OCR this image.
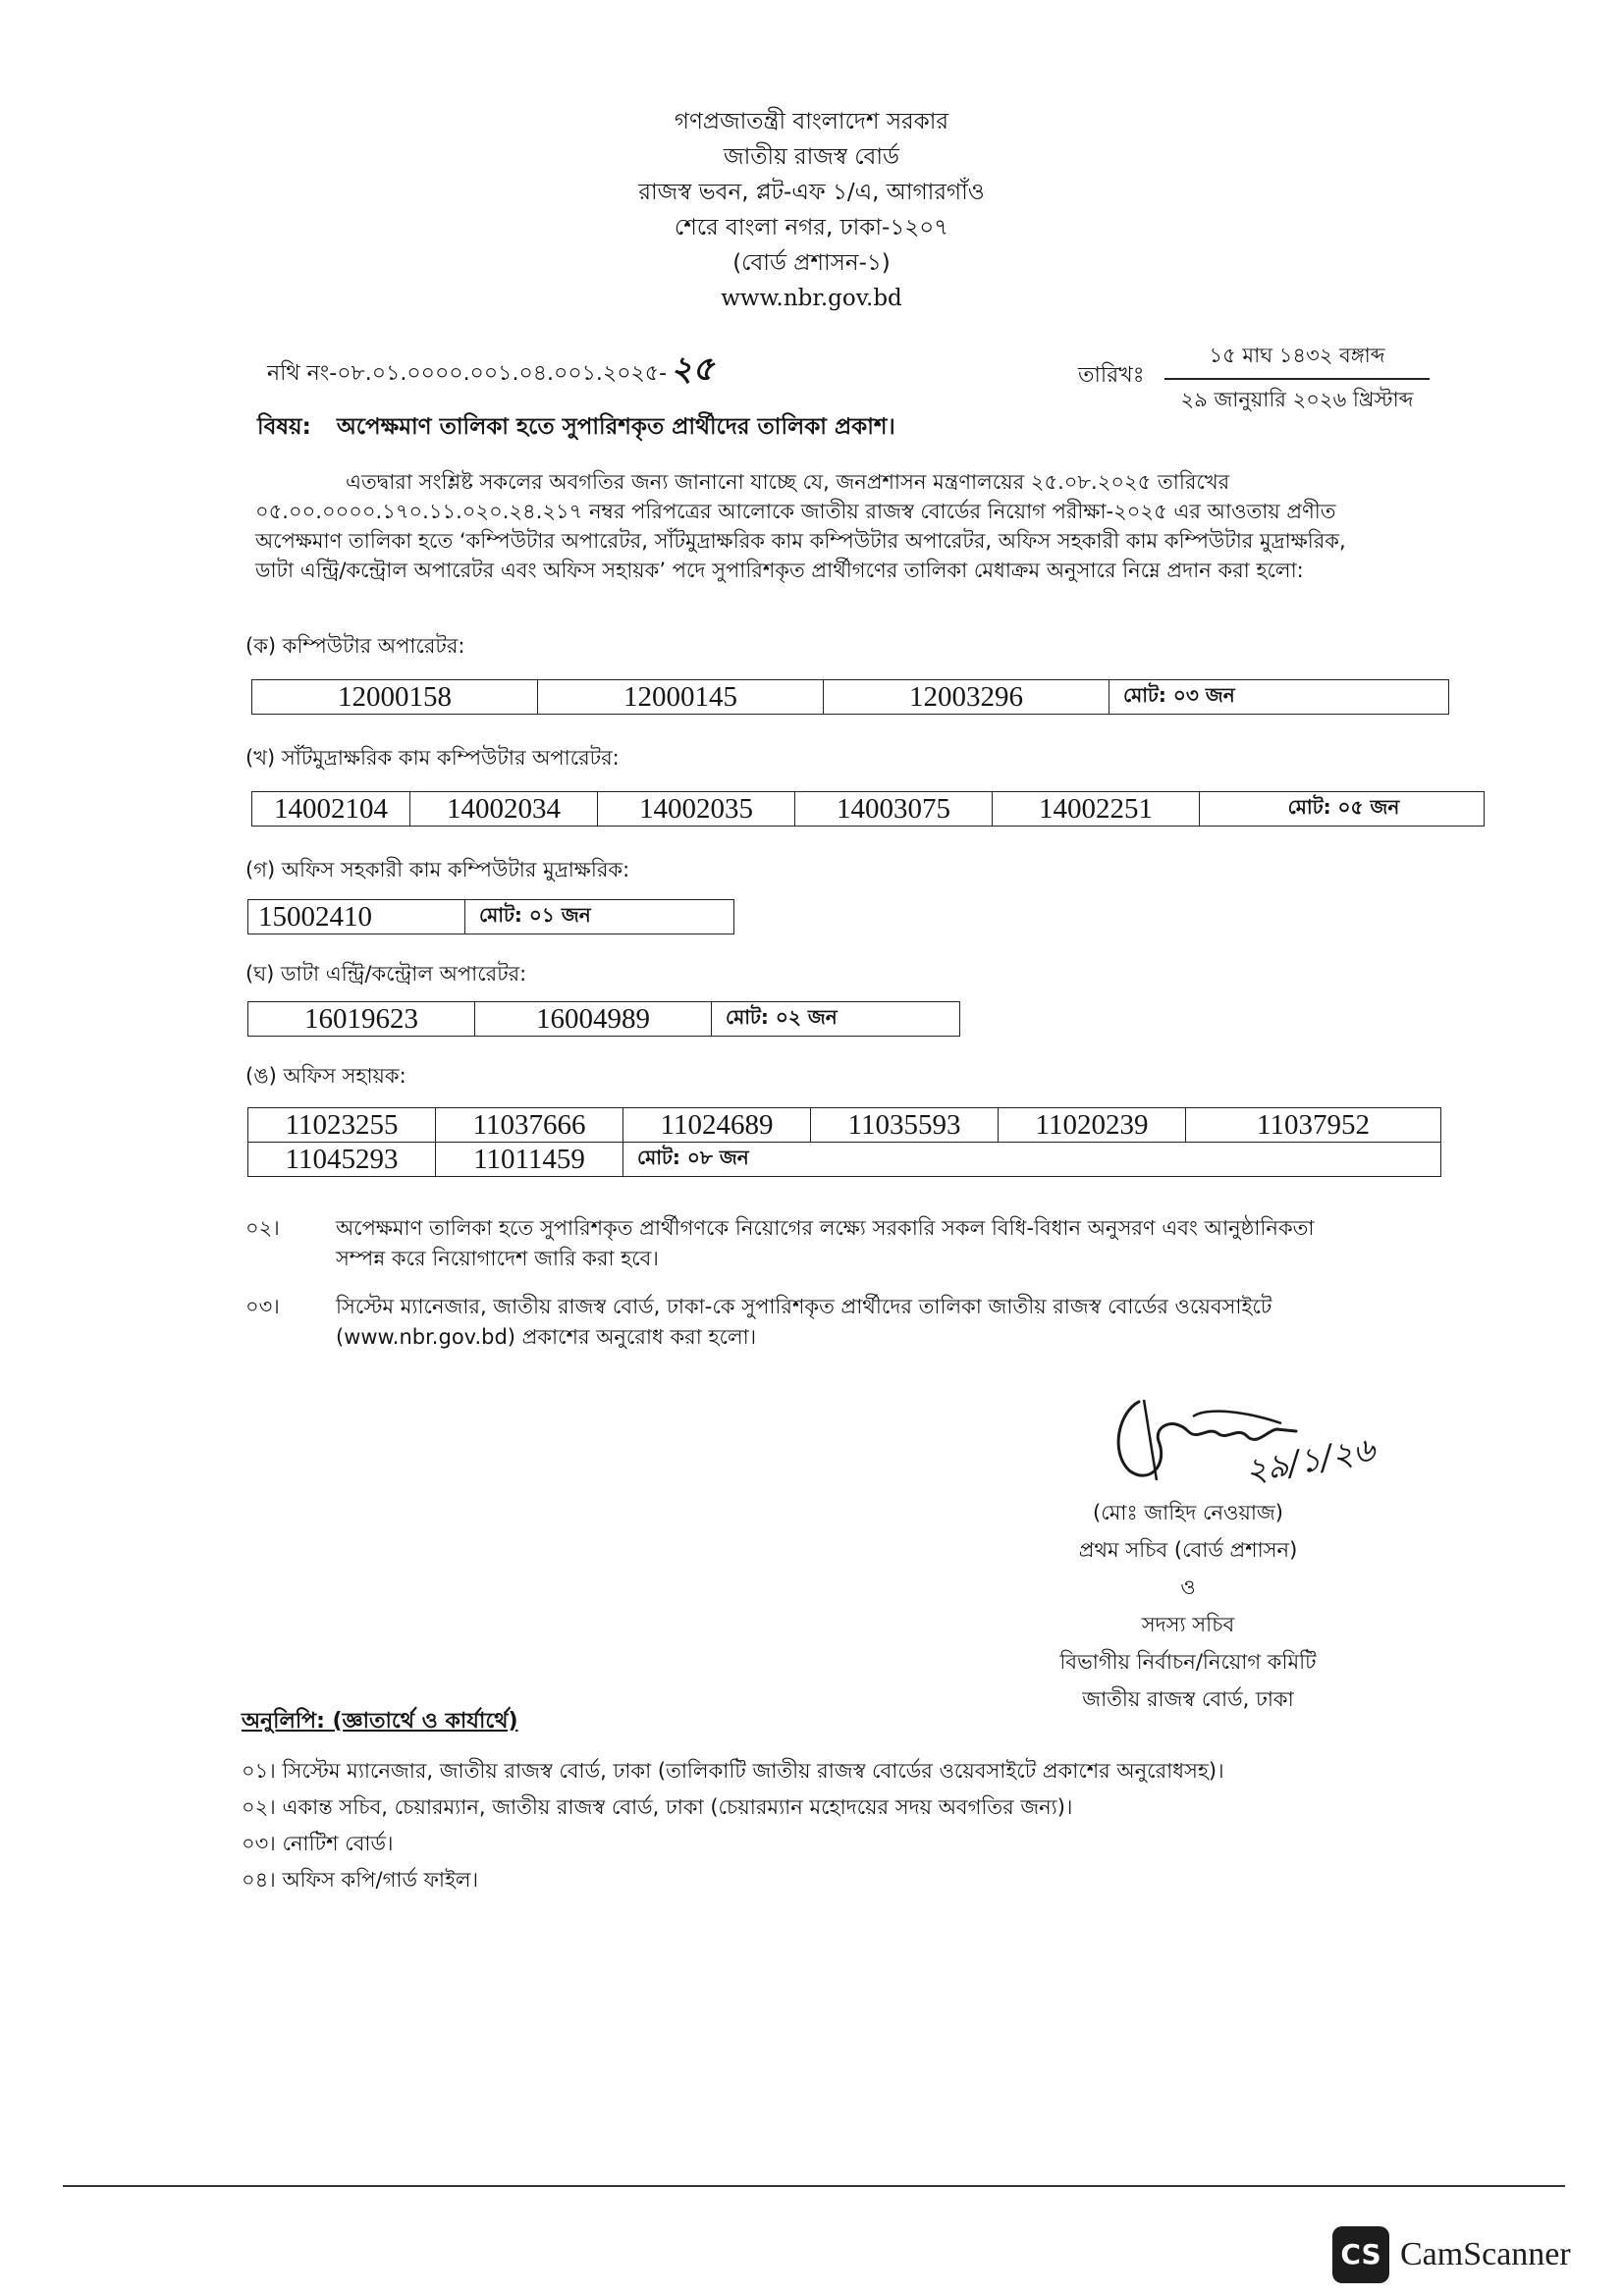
গণপ্রজাতন্ত্রী বাংলাদেশ সরকার
জাতীয় রাজস্ব বোর্ড
রাজস্ব ভবন, প্লট-এফ ১/এ, আগারগাঁও
শেরে বাংলা নগর, ঢাকা-১২০৭
(বোর্ড প্রশাসন-১)
www.nbr.gov.bd
নথি নং-০৮.০১.০০০০.০০১.০৪.০০১.২০২৫- ২৫	তারিখঃ
১৫ মাঘ ১৪৩২ বঙ্গাব্দ
২৯ জানুয়ারি ২০২৬ খ্রিস্টাব্দ
বিষয়: অপেক্ষমাণ তালিকা হতে সুপারিশকৃত প্রার্থীদের তালিকা প্রকাশ।
এতদ্বারা সংশ্লিষ্ট সকলের অবগতির জন্য জানানো যাচ্ছে যে, জনপ্রশাসন মন্ত্রণালয়ের ২৫.০৮.২০২৫ তারিখের
০৫.০০.০০০০.১৭০.১১.০২০.২৪.২১৭ নম্বর পরিপত্রের আলোকে জাতীয় রাজস্ব বোর্ডের নিয়োগ পরীক্ষা-২০২৫ এর আওতায় প্রণীত
অপেক্ষমাণ তালিকা হতে ‘কম্পিউটার অপারেটর, সাঁটমুদ্রাক্ষরিক কাম কম্পিউটার অপারেটর, অফিস সহকারী কাম কম্পিউটার মুদ্রাক্ষরিক,
ডাটা এন্ট্রি/কন্ট্রোল অপারেটর এবং অফিস সহায়ক’ পদে সুপারিশকৃত প্রার্থীগণের তালিকা মেধাক্রম অনুসারে নিম্নে প্রদান করা হলো:
(ক) কম্পিউটার অপারেটর:
12000158	12000145	12003296	মোট: ০৩ জন
(খ) সাঁটমুদ্রাক্ষরিক কাম কম্পিউটার অপারেটর:
14002104	14002034	14002035	14003075	14002251	মোট: ০৫ জন
(গ) অফিস সহকারী কাম কম্পিউটার মুদ্রাক্ষরিক:
15002410	মোট: ০১ জন
(ঘ) ডাটা এন্ট্রি/কন্ট্রোল অপারেটর:
16019623	16004989	মোট: ০২ জন
(ঙ) অফিস সহায়ক:
11023255	11037666	11024689	11035593	11020239	11037952
11045293	11011459	মোট: ০৮ জন			
০২।	অপেক্ষমাণ তালিকা হতে সুপারিশকৃত প্রার্থীগণকে নিয়োগের লক্ষ্যে সরকারি সকল বিধি-বিধান অনুসরণ এবং আনুষ্ঠানিকতা
সম্পন্ন করে নিয়োগাদেশ জারি করা হবে।
০৩।	সিস্টেম ম্যানেজার, জাতীয় রাজস্ব বোর্ড, ঢাকা-কে সুপারিশকৃত প্রার্থীদের তালিকা জাতীয় রাজস্ব বোর্ডের ওয়েবসাইটে
(www.nbr.gov.bd) প্রকাশের অনুরোধ করা হলো।
২৯/১/২৬
(মোঃ জাহিদ নেওয়াজ)
প্রথম সচিব (বোর্ড প্রশাসন)
ও
সদস্য সচিব
বিভাগীয় নির্বাচন/নিয়োগ কমিটি
জাতীয় রাজস্ব বোর্ড, ঢাকা
অনুলিপি: (জ্ঞাতার্থে ও কার্যার্থে)
০১। সিস্টেম ম্যানেজার, জাতীয় রাজস্ব বোর্ড, ঢাকা (তালিকাটি জাতীয় রাজস্ব বোর্ডের ওয়েবসাইটে প্রকাশের অনুরোধসহ)।
০২। একান্ত সচিব, চেয়ারম্যান, জাতীয় রাজস্ব বোর্ড, ঢাকা (চেয়ারম্যান মহোদয়ের সদয় অবগতির জন্য)।
০৩। নোটিশ বোর্ড।
০৪। অফিস কপি/গার্ড ফাইল।
CS CamScanner
